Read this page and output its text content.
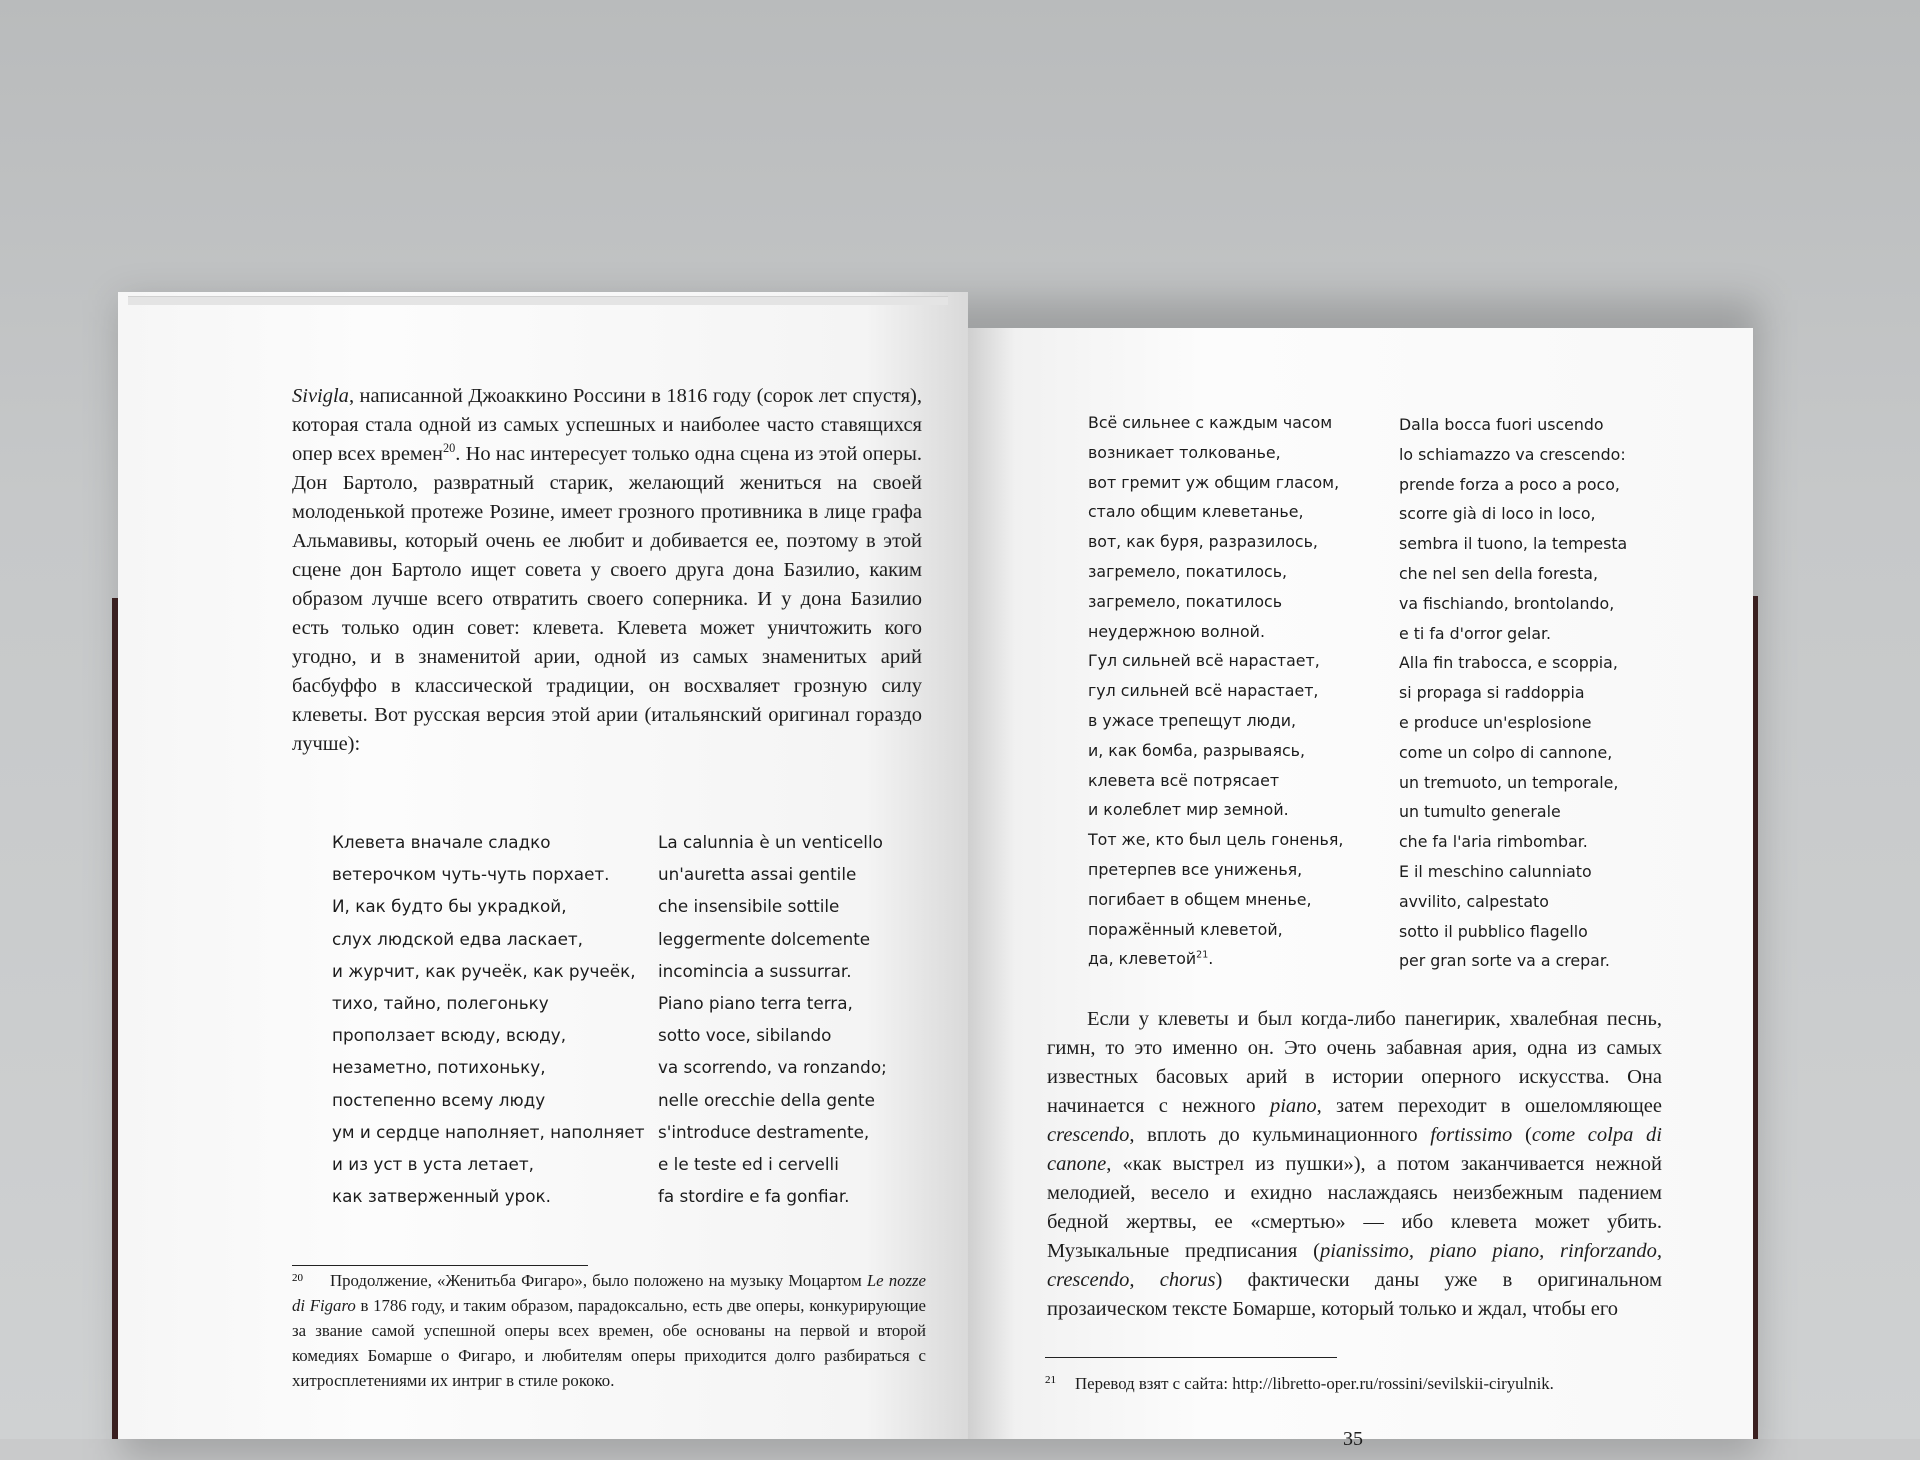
Sivigla, написанной Джоаккино Россини в 1816 году (сорок лет спустя), которая стала одной из самых успешных и наиболее часто ставящихся опер всех времен$^{20}$. Но нас интересует только одна сцена из этой оперы. Дон Бартоло, развратный старик, желающий жениться на своей молоденькой протеже Розине, имеет грозного противника в лице графа Альмавивы, который очень ее любит и добивается ее, поэтому в этой сцене дон Бартоло ищет совета у своего друга дона Базилио, каким образом лучше всего отвратить своего соперника. И у дона Базилио есть только один совет: клевета. Клевета может уничтожить кого угодно, и в знаменитой арии, одной из самых знаменитых арий басбуффо в классической традиции, он восхваляет грозную силу клеветы. Вот русская версия этой арии (итальянский оригинал гораздо лучше):
Клевета вначале сладко
ветерочком чуть-чуть порхает.
И, как будто бы украдкой,
слух людской едва ласкает,
и журчит, как ручеёк, как ручеёк,
тихо, тайно, полегоньку
проползает всюду, всюду,
незаметно, потихоньку,
постепенно всему люду
ум и сердце наполняет, наполняет
и из уст в уста летает,
как затверженный урок.
La calunnia è un venticello
un'auretta assai gentile
che insensibile sottile
leggermente dolcemente
incomincia a sussurrar.
Piano piano terra terra,
sotto voce, sibilando
va scorrendo, va ronzando;
nelle orecchie della gente
s'introduce destramente,
e le teste ed i cervelli
fa stordire e fa gonfiar.
20	Продолжение, «Женитьба Фигаро», было положено на музыку Моцартом Le nozze di Figaro в 1786 году, и таким образом, парадоксально, есть две оперы, конкурирующие за звание самой успешной оперы всех времен, обе основаны на первой и второй комедиях Бомарше о Фигаро, и любителям оперы приходится долго разбираться с хитросплетениями их интриг в стиле рококо.
Всё сильнее с каждым часом
возникает толкованье,
вот гремит уж общим гласом,
стало общим клеветанье,
вот, как буря, разразилось,
загремело, покатилось,
загремело, покатилось
неудержною волной.
Гул сильней всё нарастает,
гул сильней всё нарастает,
в ужасе трепещут люди,
и, как бомба, разрываясь,
клевета всё потрясает
и колеблет мир земной.
Тот же, кто был цель гоненья,
претерпев все униженья,
погибает в общем мненье,
поражённый клеветой,
да, клеветой$^{21}$.
Dalla bocca fuori uscendo
lo schiamazzo va crescendo:
prende forza a poco a poco,
scorre già di loco in loco,
sembra il tuono, la tempesta
che nel sen della foresta,
va fischiando, brontolando,
e ti fa d'orror gelar.
Alla fin trabocca, e scoppia,
si propaga si raddoppia
e produce un'esplosione
come un colpo di cannone,
un tremuoto, un temporale,
un tumulto generale
che fa l'aria rimbombar.
E il meschino calunniato
avvilito, calpestato
sotto il pubblico flagello
per gran sorte va a crepar.
Если у клеветы и был когда-либо панегирик, хвалебная песнь, гимн, то это именно он. Это очень забавная ария, одна из самых известных басовых арий в истории оперного искусства. Она начинается с нежного piano, затем переходит в ошеломляющее crescendo, вплоть до кульминационного fortissimo (come colpa di canone, «как выстрел из пушки»), а потом заканчивается нежной мелодией, весело и ехидно наслаждаясь неизбежным падением бедной жертвы, ее «смертью» — ибо клевета может убить. Музыкальные предписания (pianissimo, piano piano, rinforzando, crescendo, chorus) фактически даны уже в оригинальном прозаическом тексте Бомарше, который только и ждал, чтобы его
21	Перевод взят с сайта: http://libretto-oper.ru/rossini/sevilskii-ciryulnik.
35
